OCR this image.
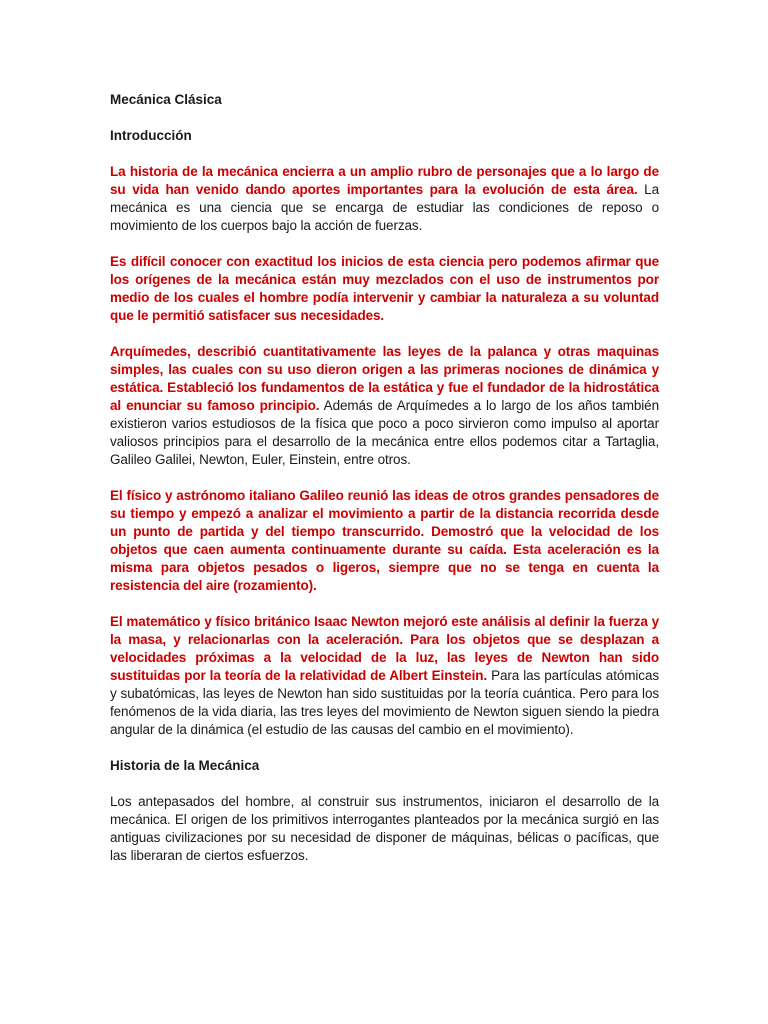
Mecánica Clásica
Introducción

La historia de la mecánica encierra a un amplio rubro de personajes que a lo largo de su vida han venido dando aportes importantes para la evolución de esta área. La mecánica es una ciencia que se encarga de estudiar las condiciones de reposo o movimiento de los cuerpos bajo la acción de fuerzas.

Es difícil conocer con exactitud los inicios de esta ciencia pero podemos afirmar que los orígenes de la mecánica están muy mezclados con el uso de instrumentos por medio de los cuales el hombre podía intervenir y cambiar la naturaleza a su voluntad que le permitió satisfacer sus necesidades.

Arquímedes, describió cuantitativamente las leyes de la palanca y otras maquinas simples, las cuales con su uso dieron origen a las primeras nociones de dinámica y estática. Estableció los fundamentos de la estática y fue el fundador de la hidrostática al enunciar su famoso principio. Además de Arquímedes a lo largo de los años también existieron varios estudiosos de la física que poco a poco sirvieron como impulso al aportar valiosos principios para el desarrollo de la mecánica entre ellos podemos citar a Tartaglia, Galileo Galilei, Newton, Euler, Einstein, entre otros.

El físico y astrónomo italiano Galileo reunió las ideas de otros grandes pensadores de su tiempo y empezó a analizar el movimiento a partir de la distancia recorrida desde un punto de partida y del tiempo transcurrido. Demostró que la velocidad de los objetos que caen aumenta continuamente durante su caída. Esta aceleración es la misma para objetos pesados o ligeros, siempre que no se tenga en cuenta la resistencia del aire (rozamiento).

El matemático y físico británico Isaac Newton mejoró este análisis al definir la fuerza y la masa, y relacionarlas con la aceleración. Para los objetos que se desplazan a velocidades próximas a la velocidad de la luz, las leyes de Newton han sido sustituidas por la teoría de la relatividad de Albert Einstein. Para las partículas atómicas y subatómicas, las leyes de Newton han sido sustituidas por la teoría cuántica. Pero para los fenómenos de la vida diaria, las tres leyes del movimiento de Newton siguen siendo la piedra angular de la dinámica (el estudio de las causas del cambio en el movimiento).

Historia de la Mecánica

Los antepasados del hombre, al construir sus instrumentos, iniciaron el desarrollo de la mecánica. El origen de los primitivos interrogantes planteados por la mecánica surgió en las antiguas civilizaciones por su necesidad de disponer de máquinas, bélicas o pacíficas, que las liberaran de ciertos esfuerzos.
